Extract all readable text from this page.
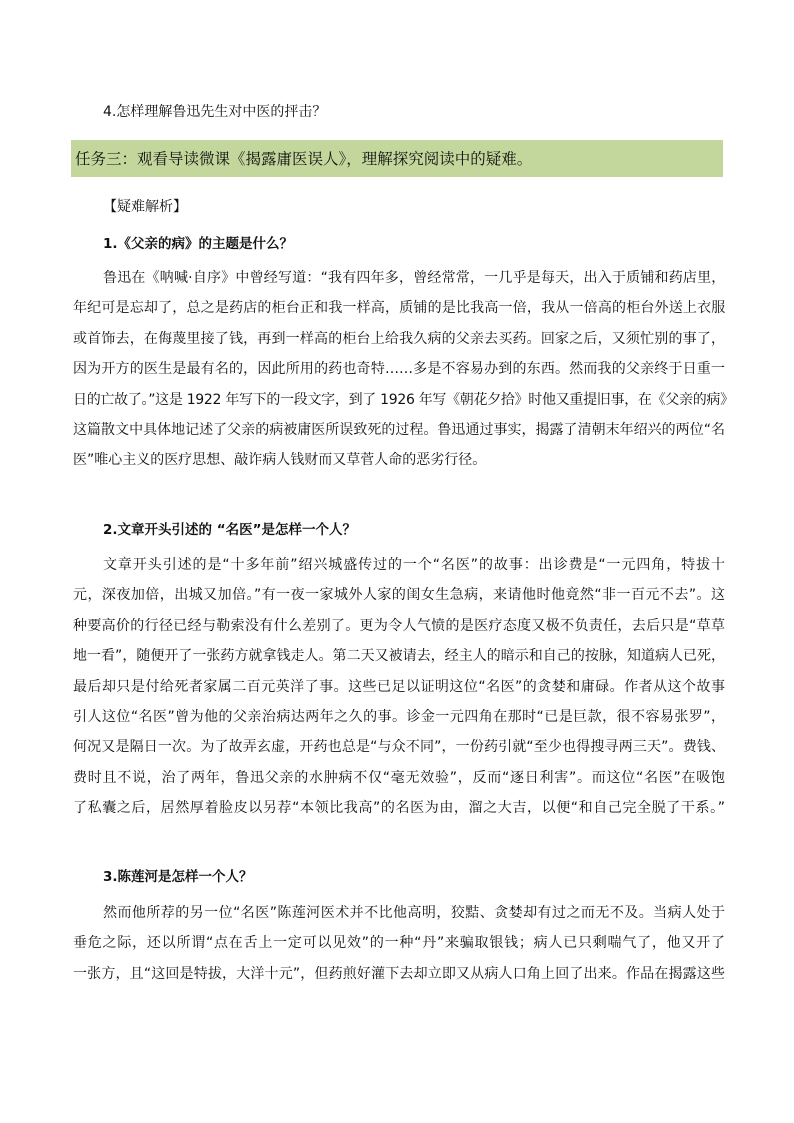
4.怎样理解鲁迅先生对中医的抨击？
任务三：观看导读微课《揭露庸医误人》，理解探究阅读中的疑难。
【疑难解析】
1.《父亲的病》的主题是什么？
鲁迅在《呐喊·自序》中曾经写道：“我有四年多，曾经常常，一几乎是每天，出入于质铺和药店里，
年纪可是忘却了，总之是药店的柜台正和我一样高，质铺的是比我高一倍，我从一倍高的柜台外送上衣服
或首饰去，在侮蔑里接了钱，再到一样高的柜台上给我久病的父亲去买药。回家之后，又须忙别的事了，
因为开方的医生是最有名的，因此所用的药也奇特……多是不容易办到的东西。然而我的父亲终于日重一
日的亡故了。”这是 1922 年写下的一段文字，到了 1926 年写《朝花夕拾》时他又重提旧事，在《父亲的病》
这篇散文中具体地记述了父亲的病被庸医所误致死的过程。鲁迅通过事实，揭露了清朝末年绍兴的两位“名
医”唯心主义的医疗思想、敲诈病人钱财而又草菅人命的恶劣行径。
2.文章开头引述的 “名医”是怎样一个人？
文章开头引述的是“十多年前”绍兴城盛传过的一个“名医”的故事：出诊费是“一元四角，特拔十
元，深夜加倍，出城又加倍。”有一夜一家城外人家的闺女生急病，来请他时他竟然“非一百元不去”。这
种要高价的行径已经与勒索没有什么差别了。更为令人气愤的是医疗态度又极不负责任，去后只是“草草
地一看”，随便开了一张药方就拿钱走人。第二天又被请去，经主人的暗示和自己的按脉，知道病人已死，
最后却只是付给死者家属二百元英洋了事。这些已足以证明这位“名医”的贪婪和庸碌。作者从这个故事
引人这位“名医”曾为他的父亲治病达两年之久的事。诊金一元四角在那时“已是巨款，很不容易张罗”，
何况又是隔日一次。为了故弄玄虚，开药也总是“与众不同”，一份药引就“至少也得搜寻两三天”。费钱、
费时且不说，治了两年，鲁迅父亲的水肿病不仅“毫无效验”，反而“逐日利害”。而这位“名医”在吸饱
了私囊之后，居然厚着脸皮以另荐“本领比我高”的名医为由，溜之大吉，以便“和自己完全脱了干系。”
3.陈莲河是怎样一个人？
然而他所荐的另一位“名医”陈莲河医术并不比他高明，狡黠、贪婪却有过之而无不及。当病人处于
垂危之际，还以所谓“点在舌上一定可以见效”的一种“丹”来骗取银钱；病人已只剩喘气了，他又开了
一张方，且“这回是特拔，大洋十元”，但药煎好灌下去却立即又从病人口角上回了出来。作品在揭露这些
